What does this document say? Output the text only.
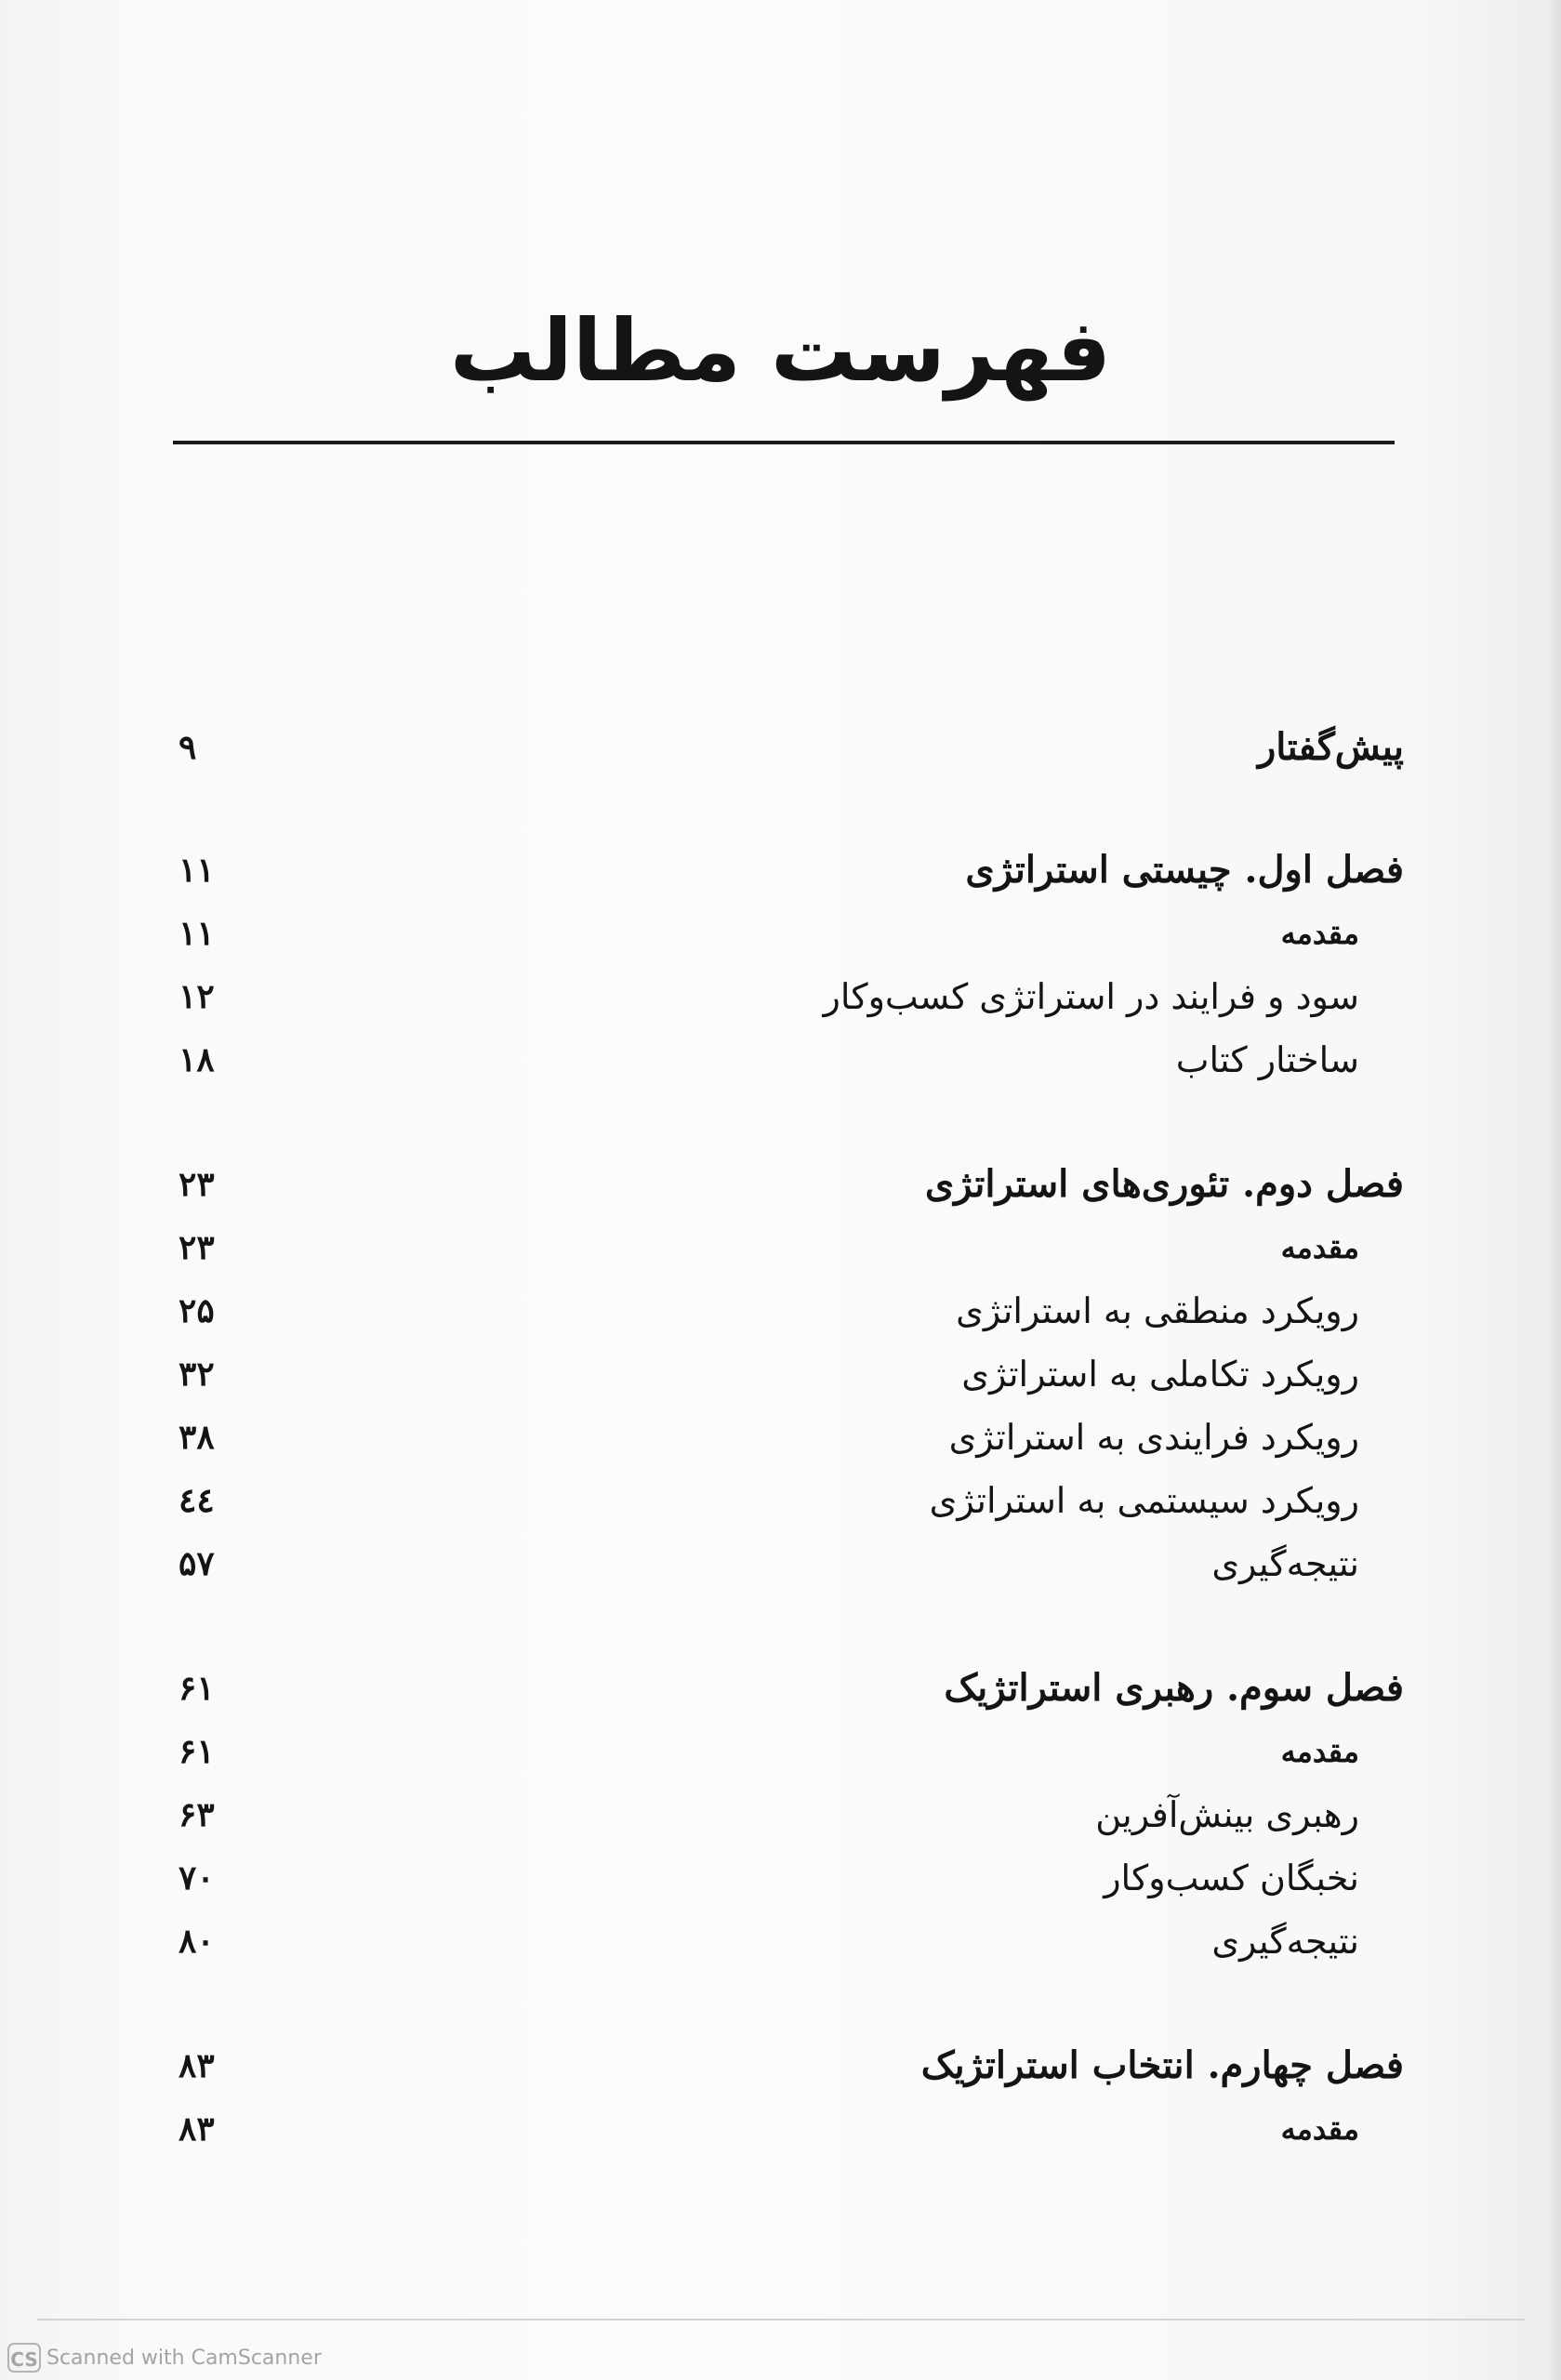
فهرست مطالب
پیش‌گفتار
۹
فصل اول. چیستی استراتژی
۱۱
مقدمه
۱۱
سود و فرایند در استراتژی کسب‌وکار
۱۲
ساختار کتاب
۱۸
فصل دوم. تئوری‌های استراتژی
۲۳
مقدمه
۲۳
رویکرد منطقی به استراتژی
۲۵
رویکرد تکاملی به استراتژی
۳۲
رویکرد فرایندی به استراتژی
۳۸
رویکرد سیستمی به استراتژی
٤٤
نتیجه‌گیری
۵۷
فصل سوم. رهبری استراتژیک
۶۱
مقدمه
۶۱
رهبری بینش‌آفرین
۶۳
نخبگان کسب‌وکار
۷۰
نتیجه‌گیری
۸۰
فصل چهارم. انتخاب استراتژیک
۸۳
مقدمه
۸۳
CS Scanned with CamScanner
